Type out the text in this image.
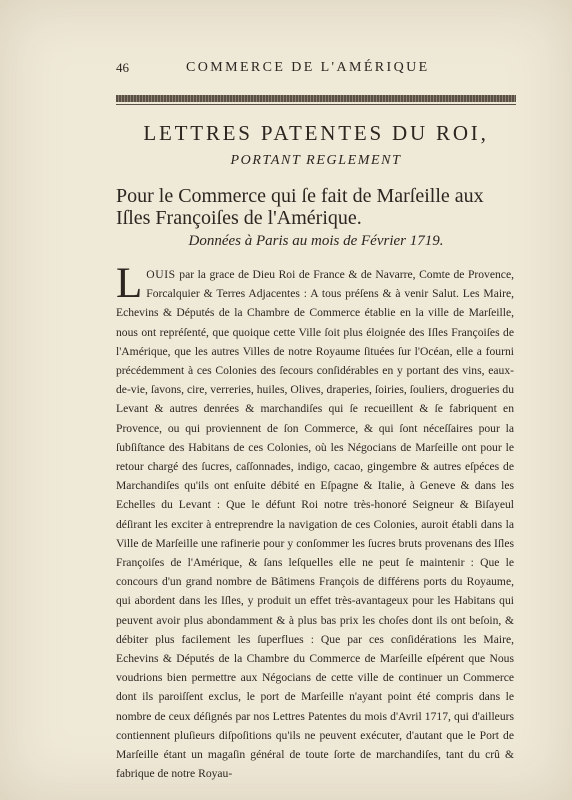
46	COMMERCE DE L'AMÉRIQUE
LETTRES PATENTES DU ROI,
PORTANT REGLEMENT
Pour le Commerce qui ſe fait de Marſeille aux
Iſles Françoiſes de l'Amérique.
Données à Paris au mois de Février 1719.
L OUIS par la grace de Dieu Roi de France & de Navarre, Comte de Provence, Forcalquier & Terres Adjacentes : A tous préſens & à venir Salut. Les Maire, Echevins & Députés de la Chambre de Commerce établie en la ville de Marſeille, nous ont repréſenté, que quoique cette Ville ſoit plus éloignée des Iſles Françoiſes de l'Amérique, que les autres Villes de notre Royaume ſituées ſur l'Océan, elle a fourni précédemment à ces Colonies des ſecours conſidérables en y portant des vins, eaux-de-vie, ſavons, cire, verreries, huiles, Olives, draperies, ſoiries, ſouliers, drogueries du Levant & autres denrées & marchandiſes qui ſe recueillent & ſe fabriquent en Provence, ou qui proviennent de ſon Commerce, & qui ſont néceſſaires pour la ſubſiſtance des Habitans de ces Colonies, où les Négocians de Marſeille ont pour le retour chargé des ſucres, caſſonnades, indigo, cacao, gingembre & autres eſpéces de Marchandiſes qu'ils ont enſuite débité en Eſpagne & Italie, à Geneve & dans les Echelles du Levant : Que le défunt Roi notre très-honoré Seigneur & Biſayeul déſirant les exciter à entreprendre la navigation de ces Colonies, auroit établi dans la Ville de Marſeille une rafinerie pour y conſommer les ſucres bruts provenans des Iſles Françoiſes de l'Amérique, & ſans leſquelles elle ne peut ſe maintenir : Que le concours d'un grand nombre de Bâtimens François de différens ports du Royaume, qui abordent dans les Iſles, y produit un effet très-avantageux pour les Habitans qui peuvent avoir plus abondamment & à plus bas prix les choſes dont ils ont beſoin, & débiter plus facilement les ſuperflues : Que par ces conſidérations les Maire, Echevins & Députés de la Chambre du Commerce de Marſeille eſpérent que Nous voudrions bien permettre aux Négocians de cette ville de continuer un Commerce dont ils paroiſſent exclus, le port de Marſeille n'ayant point été compris dans le nombre de ceux déſignés par nos Lettres Patentes du mois d'Avril 1717, qui d'ailleurs contiennent pluſieurs diſpoſitions qu'ils ne peuvent exécuter, d'autant que le Port de Marſeille étant un magaſin général de toute ſorte de marchandiſes, tant du crû & fabrique de notre Royau-
